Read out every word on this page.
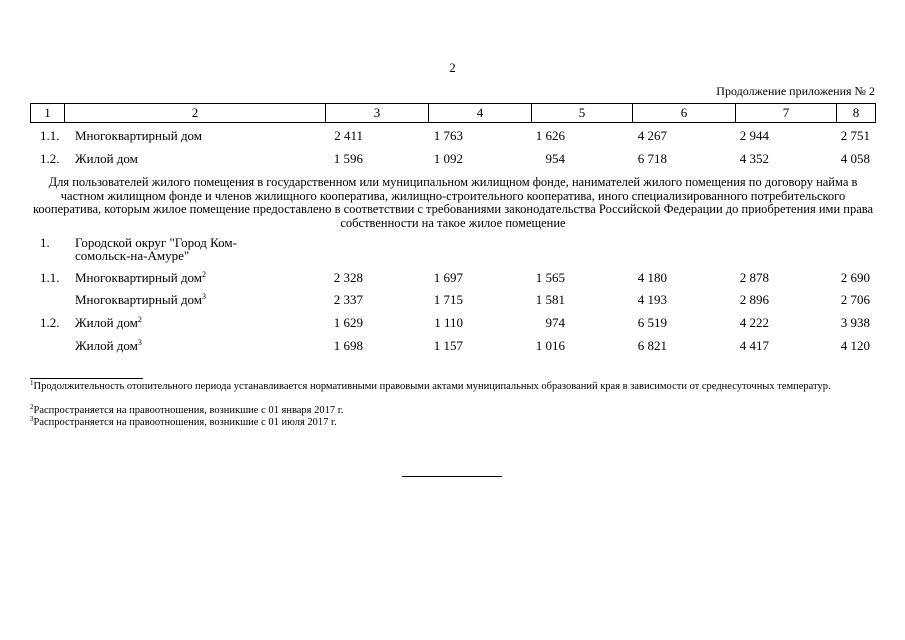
2
Продолжение приложения № 2
1	2	3	4	5	6	7	8
1.1. Многоквартирный дом	2 411	1 763	1 626	4 267	2 944	2 751
1.2. Жилой дом	1 596	1 092	954	6 718	4 352	4 058
Для пользователей жилого помещения в государственном или муниципальном жилищном фонде, нанимателей жилого помещения по договору найма в частном жилищном фонде и членов жилищного кооператива, жилищно-строительного кооператива, иного специализированного потребительского кооператива, которым жилое помещение предоставлено в соответствии с требованиями законодательства Российской Федерации до приобретения ими права собственности на такое жилое помещение
1. Городской округ "Город Ком-
сомольск-на-Амуре"
1.1. Многоквартирный дом$^2$	2 328	1 697	1 565	4 180	2 878	2 690
Многоквартирный дом$^3$	2 337	1 715	1 581	4 193	2 896	2 706
1.2. Жилой дом$^2$	1 629	1 110	974	6 519	4 222	3 938
Жилой дом$^3$	1 698	1 157	1 016	6 821	4 417	4 120
$^1$Продолжительность отопительного периода устанавливается нормативными правовыми актами муниципальных образований края в зависимости от среднесуточных температур.
$^2$Распространяется на правоотношения, возникшие с 01 января 2017 г.
$^3$Распространяется на правоотношения, возникшие с 01 июля 2017 г.
